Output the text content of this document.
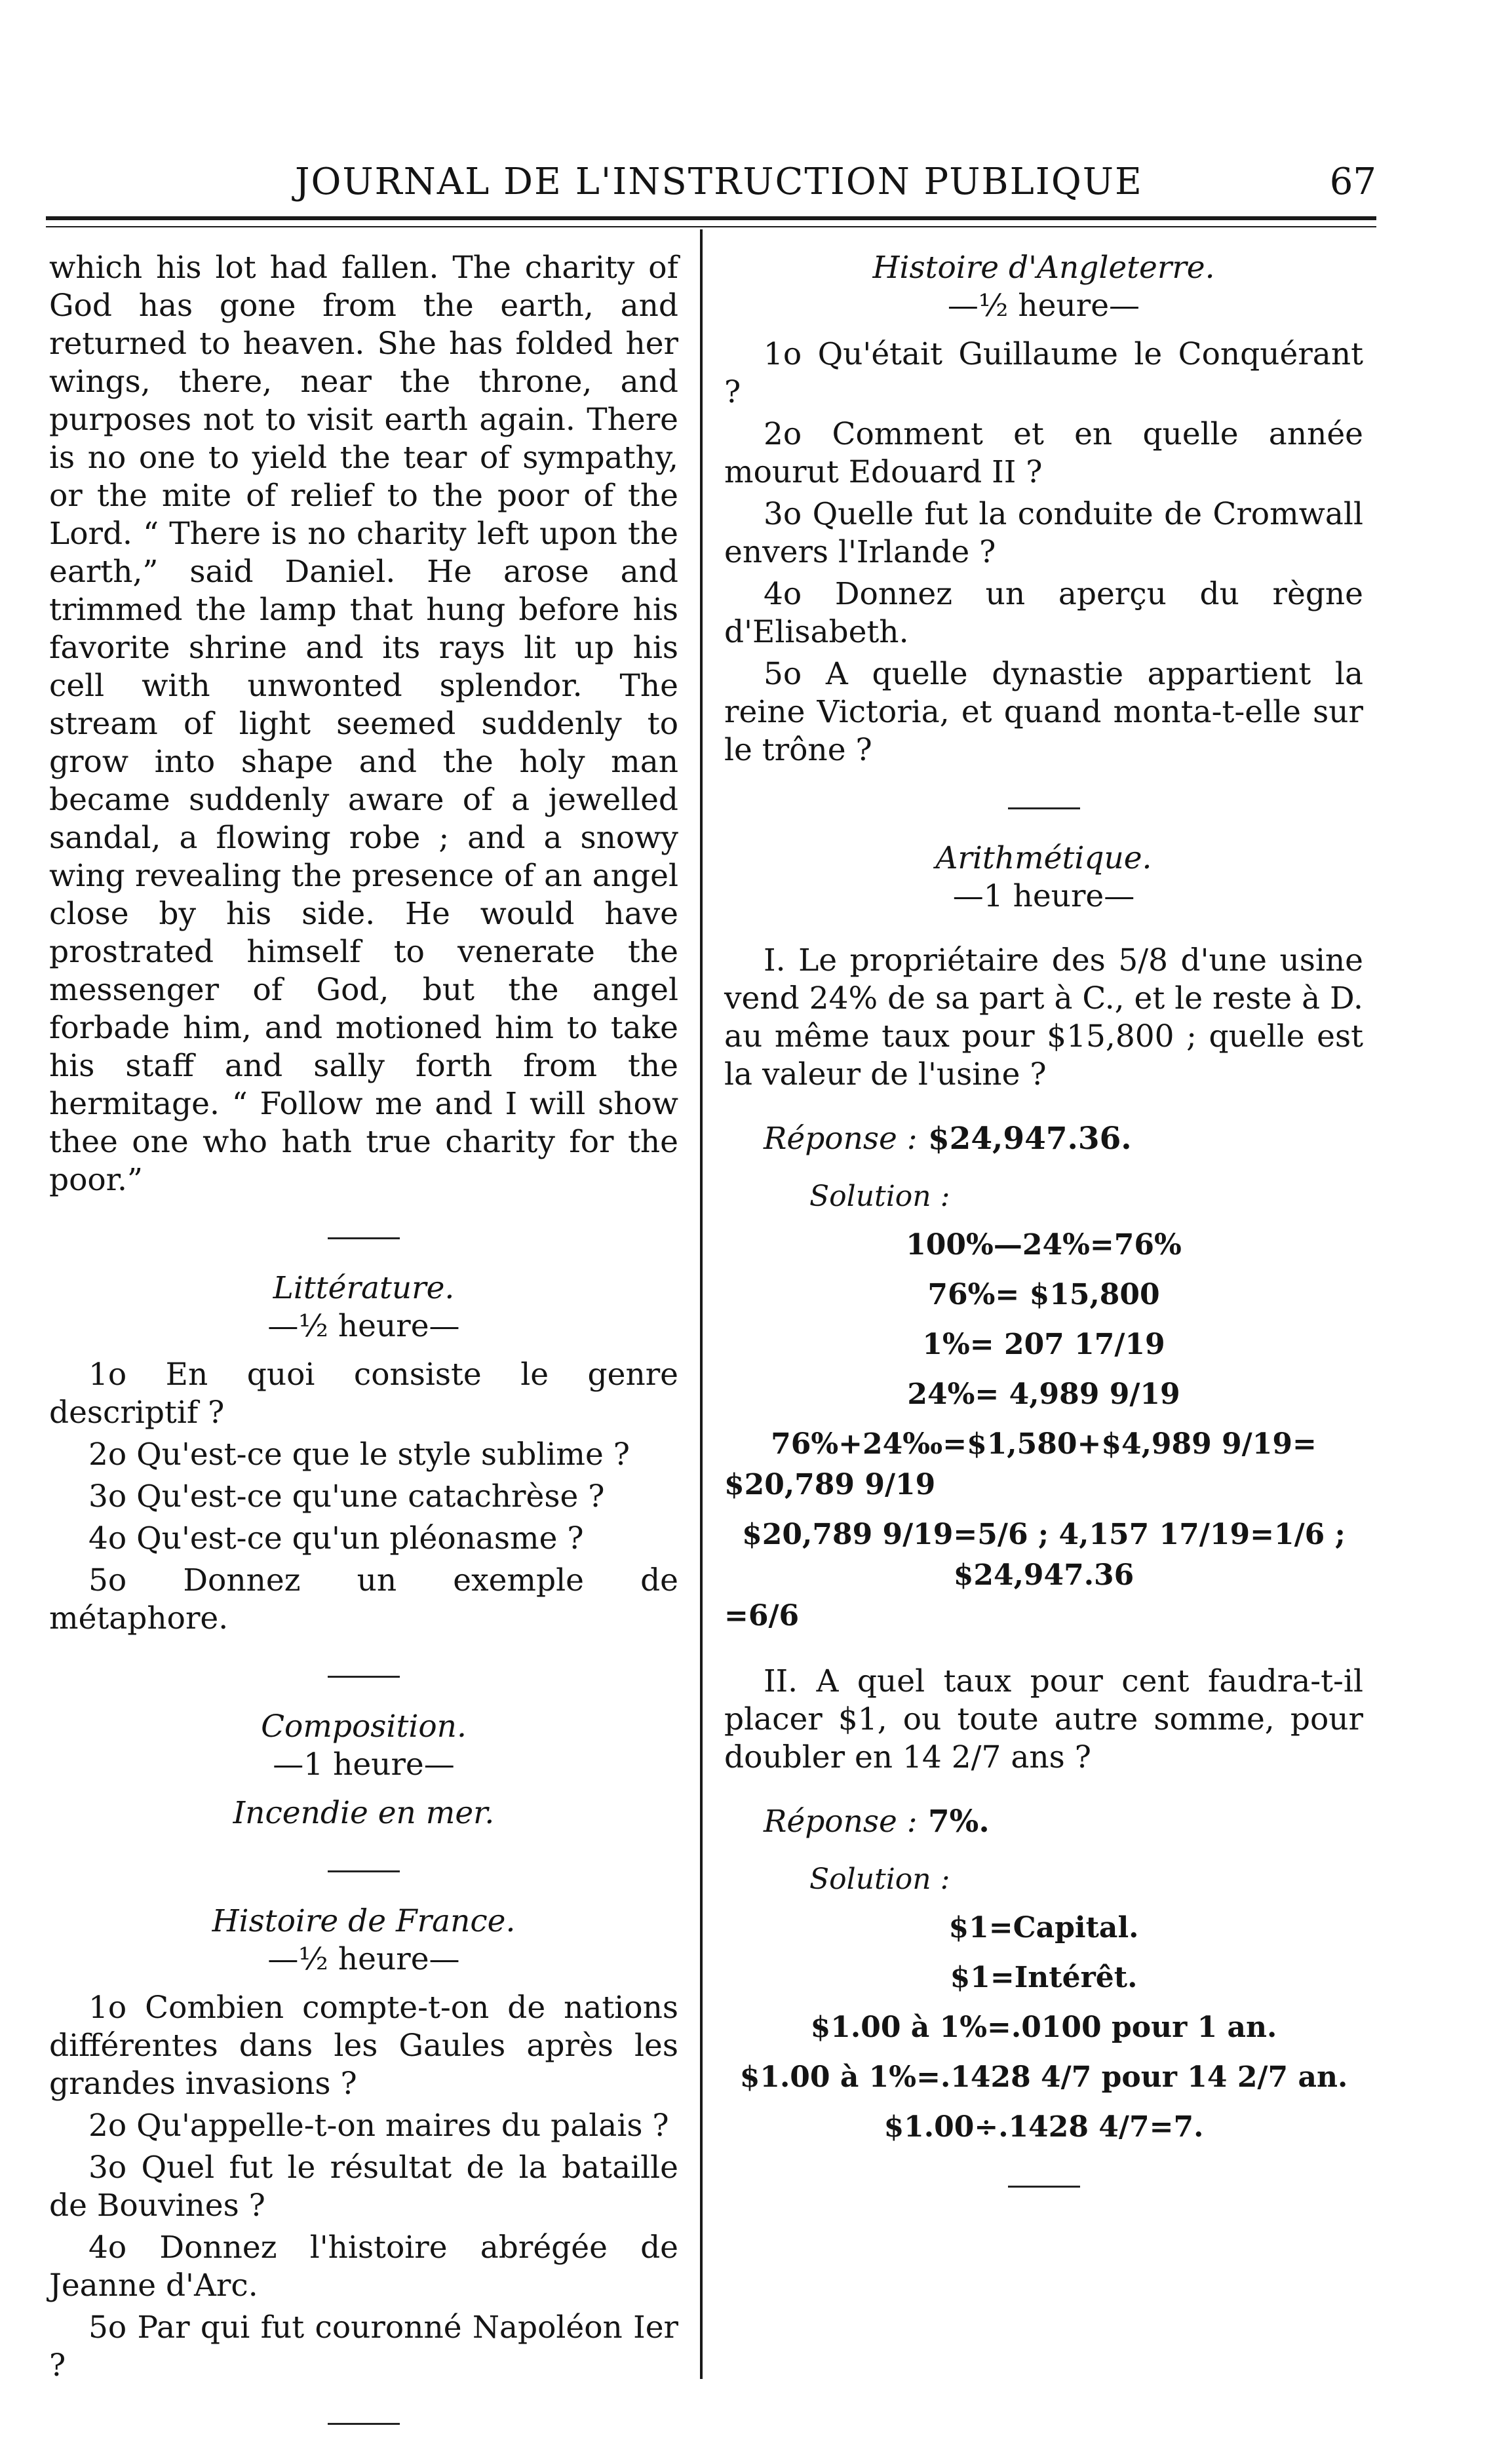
JOURNAL DE L'INSTRUCTION PUBLIQUE	67

which his lot had fallen. The charity of God has gone from the earth, and returned to heaven. She has folded her wings, there, near the throne, and purposes not to visit earth again. There is no one to yield the tear of sympathy, or the mite of relief to the poor of the Lord. “ There is no charity left upon the earth,” said Daniel. He arose and trimmed the lamp that hung before his favorite shrine and its rays lit up his cell with unwonted splendor. The stream of light seemed suddenly to grow into shape and the holy man became suddenly aware of a jewelled sandal, a flowing robe ; and a snowy wing revealing the presence of an angel close by his side. He would have prostrated himself to venerate the messenger of God, but the angel forbade him, and motioned him to take his staff and sally forth from the hermitage. “ Follow me and I will show thee one who hath true charity for the poor.”

Littérature.

—½ heure—

1o En quoi consiste le genre descriptif ?

2o Qu'est-ce que le style sublime ?

3o Qu'est-ce qu'une catachrèse ?

4o Qu'est-ce qu'un pléonasme ?

5o Donnez un exemple de métaphore.

Composition.

—1 heure—

Incendie en mer.

Histoire de France.

—½ heure—

1o Combien compte-t-on de nations différentes dans les Gaules après les grandes invasions ?

2o Qu'appelle-t-on maires du palais ?

3o Quel fut le résultat de la bataille de Bouvines ?

4o Donnez l'histoire abrégée de Jeanne d'Arc.

5o Par qui fut couronné Napoléon Ier ?

Histoire d'Angleterre.

—½ heure—

1o Qu'était Guillaume le Conquérant ?

2o Comment et en quelle année mourut Edouard II ?

3o Quelle fut la conduite de Cromwall envers l'Irlande ?

4o Donnez un aperçu du règne d'Elisabeth.

5o A quelle dynastie appartient la reine Victoria, et quand monta-t-elle sur le trône ?

Arithmétique.

—1 heure—

I. Le propriétaire des 5/8 d'une usine vend 24% de sa part à C., et le reste à D. au même taux pour $15,800 ; quelle est la valeur de l'usine ?

Réponse : $24,947.36.

Solution :

100%—24%=76%
76%= $15,800
1%= 207 17/19
24%= 4,989 9/19
76%+24‰=$1,580+$4,989 9/19=
$20,789 9/19
$20,789 9/19=5/6 ; 4,157 17/19=1/6 ; $24,947.36
=6/6

II. A quel taux pour cent faudra-t-il placer $1, ou toute autre somme, pour doubler en 14 2/7 ans ?

Réponse : 7%.

Solution :

$1=Capital.
$1=Intérêt.
$1.00 à 1%=.0100 pour 1 an.
$1.00 à 1%=.1428 4/7 pour 14 2/7 an.
$1.00÷.1428 4/7=7.
